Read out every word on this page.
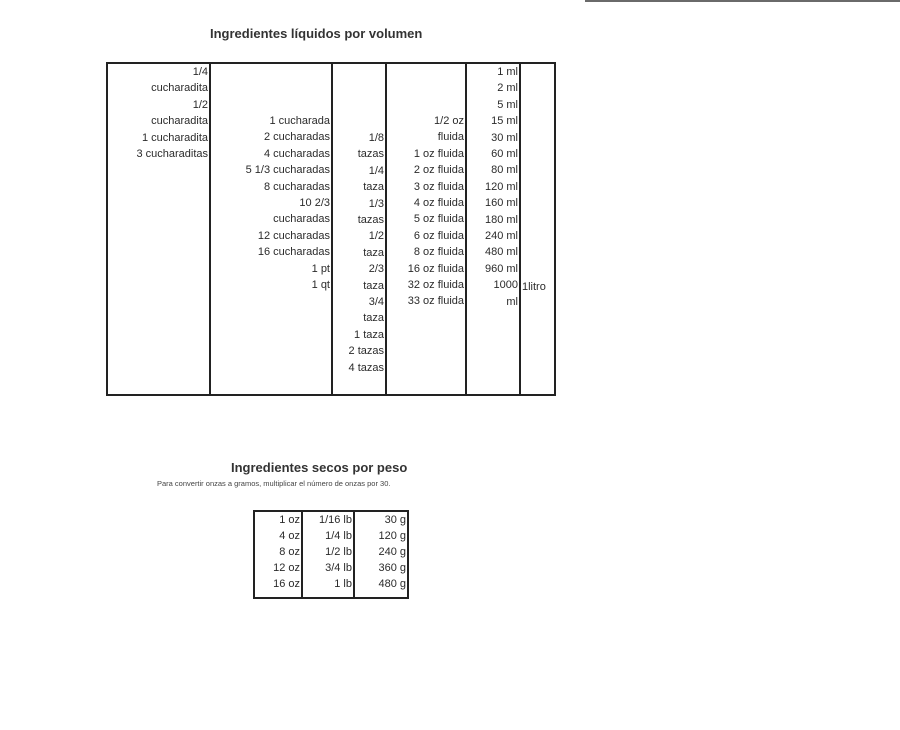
Ingredientes líquidos por volumen
1/4
cucharadita
1/2
cucharadita
1 cucharadita
3 cucharaditas
1 cucharada
2 cucharadas
4 cucharadas
5 1/3 cucharadas
8 cucharadas
10 2/3
cucharadas
12 cucharadas
16 cucharadas
1 pt
1 qt
1/8
tazas
1/4
taza
1/3
tazas
1/2
taza
2/3
taza
3/4
taza
1 taza
2 tazas
4 tazas
1/2 oz
fluida
1 oz fluida
2 oz fluida
3 oz fluida
4 oz fluida
5 oz fluida
6 oz fluida
8 oz fluida
16 oz fluida
32 oz fluida
33 oz fluida
1 ml
2 ml
5 ml
15 ml
30 ml
60 ml
80 ml
120 ml
160 ml
180 ml
240 ml
480 ml
960 ml
1000
ml
1litro
Ingredientes secos por peso
Para convertir onzas a gramos, multiplicar el número de onzas por 30.
1 oz
4 oz
8 oz
12 oz
16 oz
1/16 lb
1/4 lb
1/2 lb
3/4 lb
1 lb
30 g
120 g
240 g
360 g
480 g
